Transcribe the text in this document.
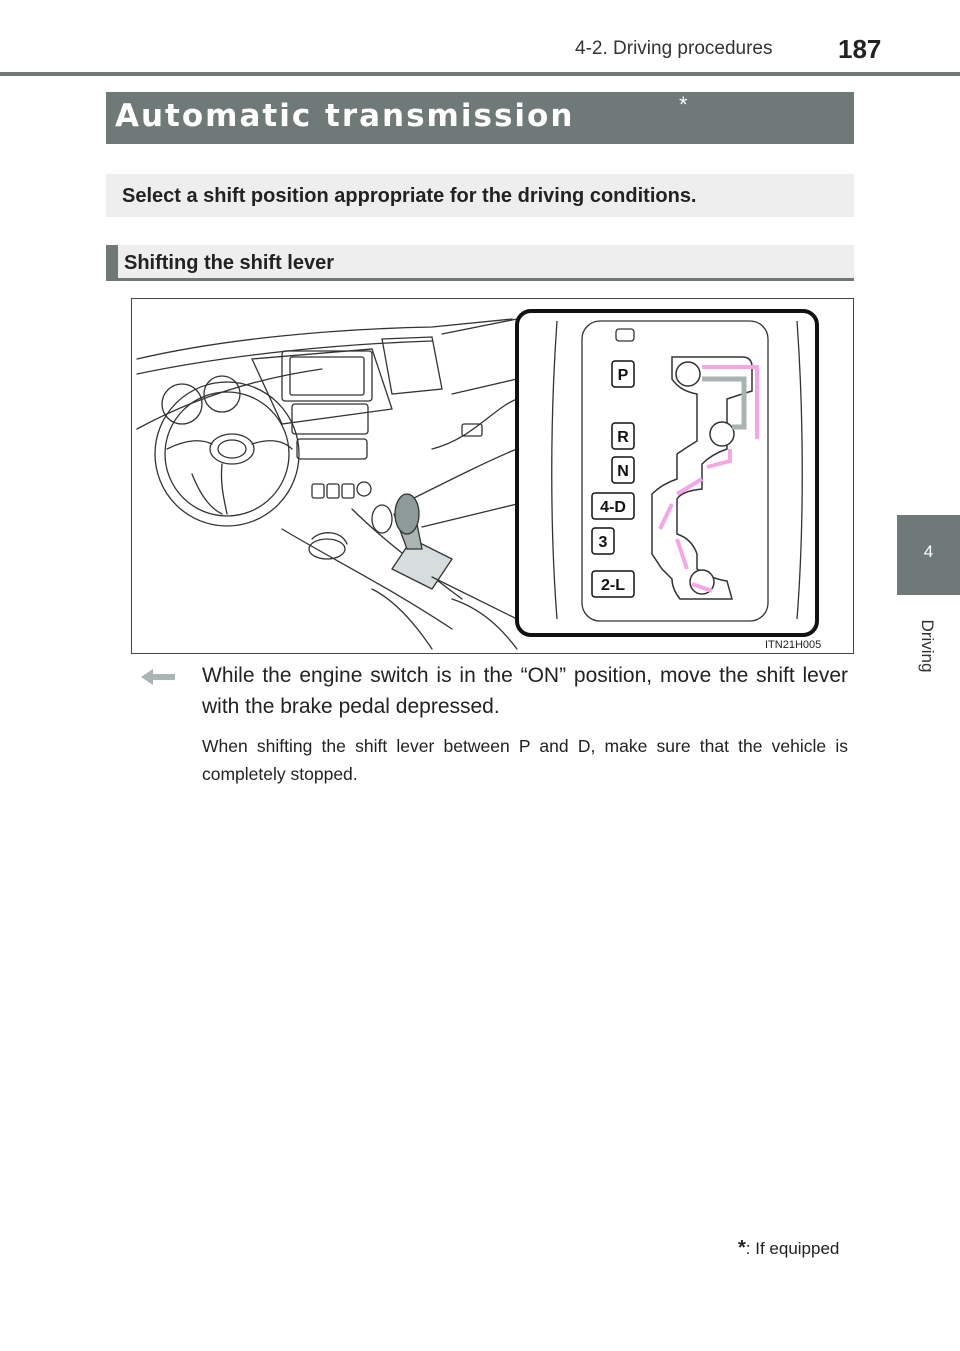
4-2. Driving procedures	187
Automatic transmission	*
Select a shift position appropriate for the driving conditions.
Shifting the shift lever
P
R
N
4-D
3
2-L
ITN21H005
While the engine switch is in the “ON” position, move the shift lever with the brake pedal depressed.
When shifting the shift lever between P and D, make sure that the vehicle is completely stopped.
*: If equipped
4
Driving
